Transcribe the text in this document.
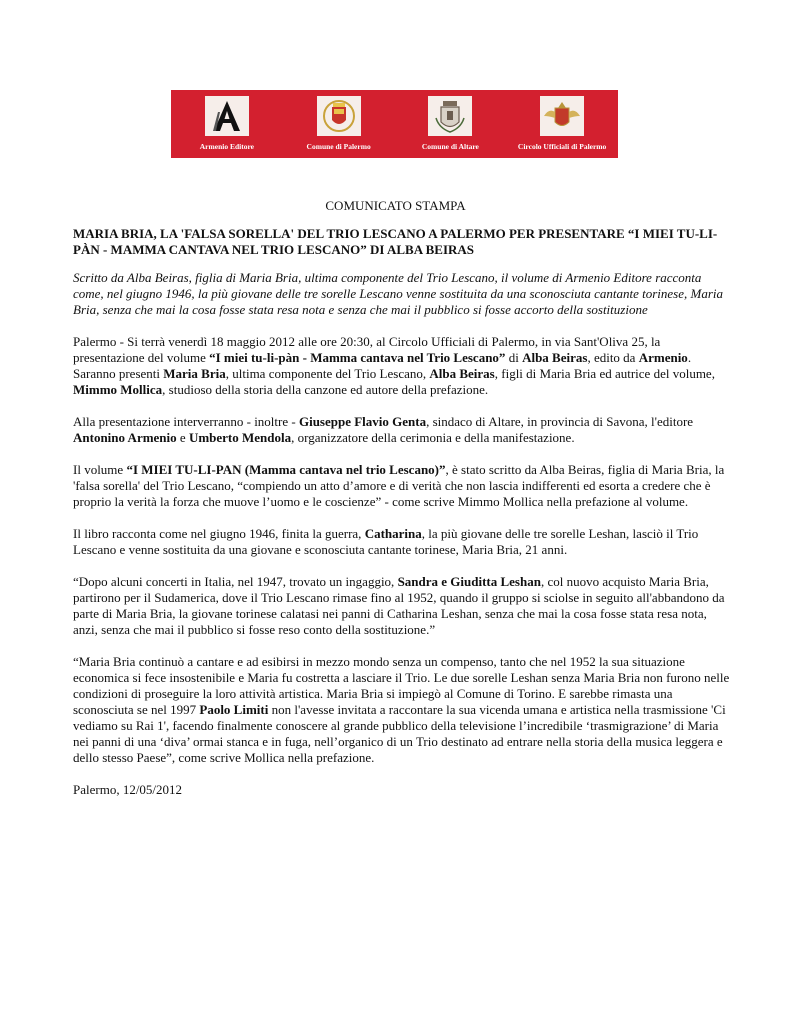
Armenio Editore	Comune di Palermo	Comune di Altare	Circolo Ufficiali di Palermo
COMUNICATO STAMPA
MARIA BRIA, LA 'FALSA SORELLA' DEL TRIO LESCANO A PALERMO PER PRESENTARE “I MIEI TU-LI-PÀN - MAMMA CANTAVA NEL TRIO LESCANO” DI ALBA BEIRAS
Scritto da Alba Beiras, figlia di Maria Bria, ultima componente del Trio Lescano, il volume di Armenio Editore racconta come, nel giugno 1946, la più giovane delle tre sorelle Lescano venne sostituita da una sconosciuta cantante torinese, Maria Bria, senza che mai la cosa fosse stata resa nota e senza che mai il pubblico si fosse accorto della sostituzione

Palermo - Si terrà venerdì 18 maggio 2012 alle ore 20:30, al Circolo Ufficiali di Palermo, in via Sant'Oliva 25, la presentazione del volume “I miei tu-li-pàn - Mamma cantava nel Trio Lescano” di Alba Beiras, edito da Armenio. Saranno presenti Maria Bria, ultima componente del Trio Lescano, Alba Beiras, figli di Maria Bria ed autrice del volume, Mimmo Mollica, studioso della storia della canzone ed autore della prefazione.

Alla presentazione interverranno - inoltre - Giuseppe Flavio Genta, sindaco di Altare, in provincia di Savona, l'editore Antonino Armenio e Umberto Mendola, organizzatore della cerimonia e della manifestazione.

Il volume “I MIEI TU-LI-PAN (Mamma cantava nel trio Lescano)”, è stato scritto da Alba Beiras, figlia di Maria Bria, la 'falsa sorella' del Trio Lescano, “compiendo un atto d’amore e di verità che non lascia indifferenti ed esorta a credere che è proprio la verità la forza che muove l’uomo e le coscienze” - come scrive Mimmo Mollica nella prefazione al volume.

Il libro racconta come nel giugno 1946, finita la guerra, Catharina, la più giovane delle tre sorelle Leshan, lasciò il Trio Lescano e venne sostituita da una giovane e sconosciuta cantante torinese, Maria Bria, 21 anni.

“Dopo alcuni concerti in Italia, nel 1947, trovato un ingaggio, Sandra e Giuditta Leshan, col nuovo acquisto Maria Bria, partirono per il Sudamerica, dove il Trio Lescano rimase fino al 1952, quando il gruppo si sciolse in seguito all'abbandono da parte di Maria Bria, la giovane torinese calatasi nei panni di Catharina Leshan, senza che mai la cosa fosse stata resa nota, anzi, senza che mai il pubblico si fosse reso conto della sostituzione.”

“Maria Bria continuò a cantare e ad esibirsi in mezzo mondo senza un compenso, tanto che nel 1952 la sua situazione economica si fece insostenibile e Maria fu costretta a lasciare il Trio. Le due sorelle Leshan senza Maria Bria non furono nelle condizioni di proseguire la loro attività artistica. Maria Bria si impiegò al Comune di Torino. E sarebbe rimasta una sconosciuta se nel 1997 Paolo Limiti non l'avesse invitata a raccontare la sua vicenda umana e artistica nella trasmissione 'Ci vediamo su Rai 1', facendo finalmente conoscere al grande pubblico della televisione l’incredibile ‘trasmigrazione’ di Maria nei panni di una ‘diva’ ormai stanca e in fuga, nell’organico di un Trio destinato ad entrare nella storia della musica leggera e dello stesso Paese”, come scrive Mollica nella prefazione.

Palermo, 12/05/2012
